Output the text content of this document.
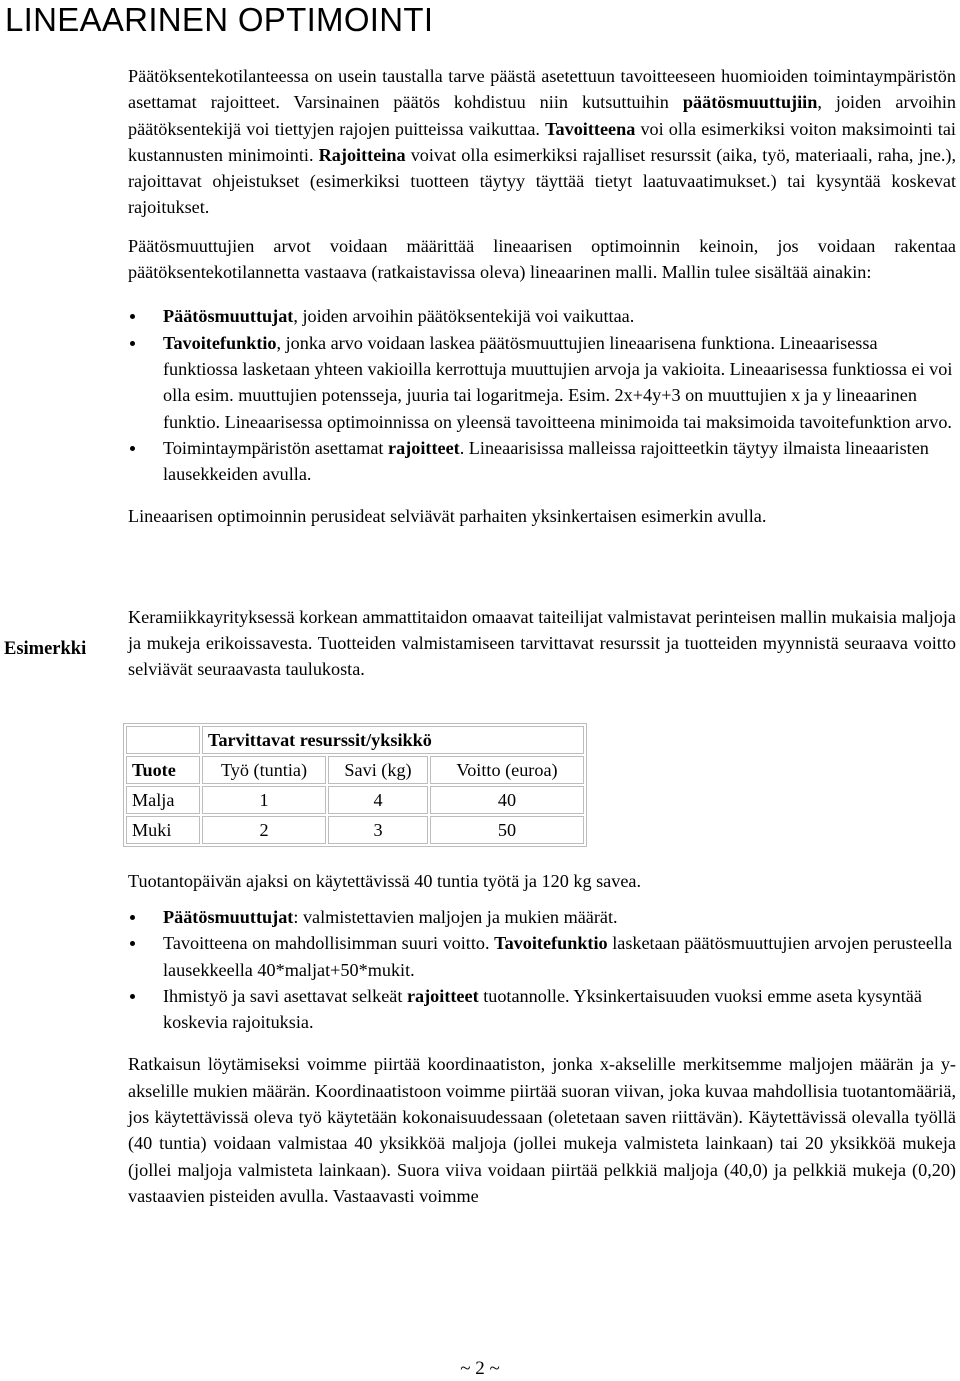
LINEAARINEN OPTIMOINTI
Esimerkki

Päätöksentekotilanteessa on usein taustalla tarve päästä asetettuun tavoitteeseen huomioiden toimintaympäristön asettamat rajoitteet. Varsinainen päätös kohdistuu niin kutsuttuihin päätösmuuttujiin, joiden arvoihin päätöksentekijä voi tiettyjen rajojen puitteissa vaikuttaa. Tavoitteena voi olla esimerkiksi voiton maksimointi tai kustannusten minimointi. Rajoitteina voivat olla esimerkiksi rajalliset resurssit (aika, työ, materiaali, raha, jne.), rajoittavat ohjeistukset (esimerkiksi tuotteen täytyy täyttää tietyt laatuvaatimukset.) tai kysyntää koskevat rajoitukset.

Päätösmuuttujien arvot voidaan määrittää lineaarisen optimoinnin keinoin, jos voidaan rakentaa päätöksentekotilannetta vastaava (ratkaistavissa oleva) lineaarinen malli. Mallin tulee sisältää ainakin:

Päätösmuuttujat, joiden arvoihin päätöksentekijä voi vaikuttaa.
Tavoitefunktio, jonka arvo voidaan laskea päätösmuuttujien lineaarisena funktiona. Lineaarisessa funktiossa lasketaan yhteen vakioilla kerrottuja muuttujien arvoja ja vakioita. Lineaarisessa funktiossa ei voi olla esim. muuttujien potensseja, juuria tai logaritmeja. Esim. 2x+4y+3 on muuttujien x ja y lineaarinen funktio. Lineaarisessa optimoinnissa on yleensä tavoitteena minimoida tai maksimoida tavoitefunktion arvo.
Toimintaympäristön asettamat rajoitteet. Lineaarisissa malleissa rajoitteetkin täytyy ilmaista lineaaristen lausekkeiden avulla.

Lineaarisen optimoinnin perusideat selviävät parhaiten yksinkertaisen esimerkin avulla.

Keramiikkayrityksessä korkean ammattitaidon omaavat taiteilijat valmistavat perinteisen mallin mukaisia maljoja ja mukeja erikoissavesta. Tuotteiden valmistamiseen tarvittavat resurssit ja tuotteiden myynnistä seuraava voitto selviävät seuraavasta taulukosta.

	Tarvittavat resurssit/yksikkö		
Tuote	Työ (tuntia)	Savi (kg)	Voitto (euroa)
Malja	1	4	40
Muki	2	3	50

Tuotantopäivän ajaksi on käytettävissä 40 tuntia työtä ja 120 kg savea.

Päätösmuuttujat: valmistettavien maljojen ja mukien määrät.
Tavoitteena on mahdollisimman suuri voitto. Tavoitefunktio lasketaan päätösmuuttujien arvojen perusteella lausekkeella 40*maljat+50*mukit.
Ihmistyö ja savi asettavat selkeät rajoitteet tuotannolle. Yksinkertaisuuden vuoksi emme aseta kysyntää koskevia rajoituksia.

Ratkaisun löytämiseksi voimme piirtää koordinaatiston, jonka x-akselille merkitsemme maljojen määrän ja y-akselille mukien määrän. Koordinaatistoon voimme piirtää suoran viivan, joka kuvaa mahdollisia tuotantomääriä, jos käytettävissä oleva työ käytetään kokonaisuudessaan (oletetaan saven riittävän). Käytettävissä olevalla työllä (40 tuntia) voidaan valmistaa 40 yksikköä maljoja (jollei mukeja valmisteta lainkaan) tai 20 yksikköä mukeja (jollei maljoja valmisteta lainkaan). Suora viiva voidaan piirtää pelkkiä maljoja (40,0) ja pelkkiä mukeja (0,20) vastaavien pisteiden avulla. Vastaavasti voimme

~ 2 ~
